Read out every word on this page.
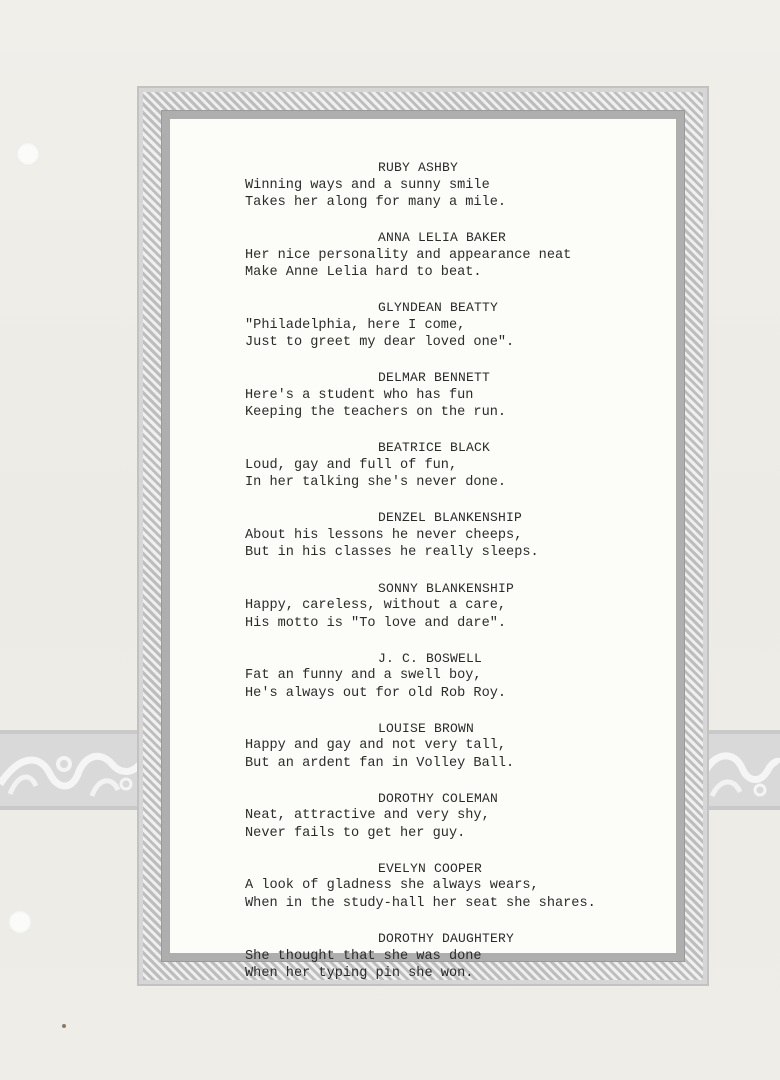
RUBY ASHBY
Winning ways and a sunny smile
Takes her along for many a mile.
ANNA LELIA BAKER
Her nice personality and appearance neat
Make Anne Lelia hard to beat.
GLYNDEAN BEATTY
"Philadelphia, here I come,
Just to greet my dear loved one".
DELMAR BENNETT
Here's a student who has fun
Keeping the teachers on the run.
BEATRICE BLACK
Loud, gay and full of fun,
In her talking she's never done.
DENZEL BLANKENSHIP
About his lessons he never cheeps,
But in his classes he really sleeps.
SONNY BLANKENSHIP
Happy, careless, without a care,
His motto is "To love and dare".
J. C. BOSWELL
Fat an funny and a swell boy,
He's always out for old Rob Roy.
LOUISE BROWN
Happy and gay and not very tall,
But an ardent fan in Volley Ball.
DOROTHY COLEMAN
Neat, attractive and very shy,
Never fails to get her guy.
EVELYN COOPER
A look of gladness she always wears,
When in the study-hall her seat she shares.
DOROTHY DAUGHTERY
She thought that she was done
When her typing pin she won.
